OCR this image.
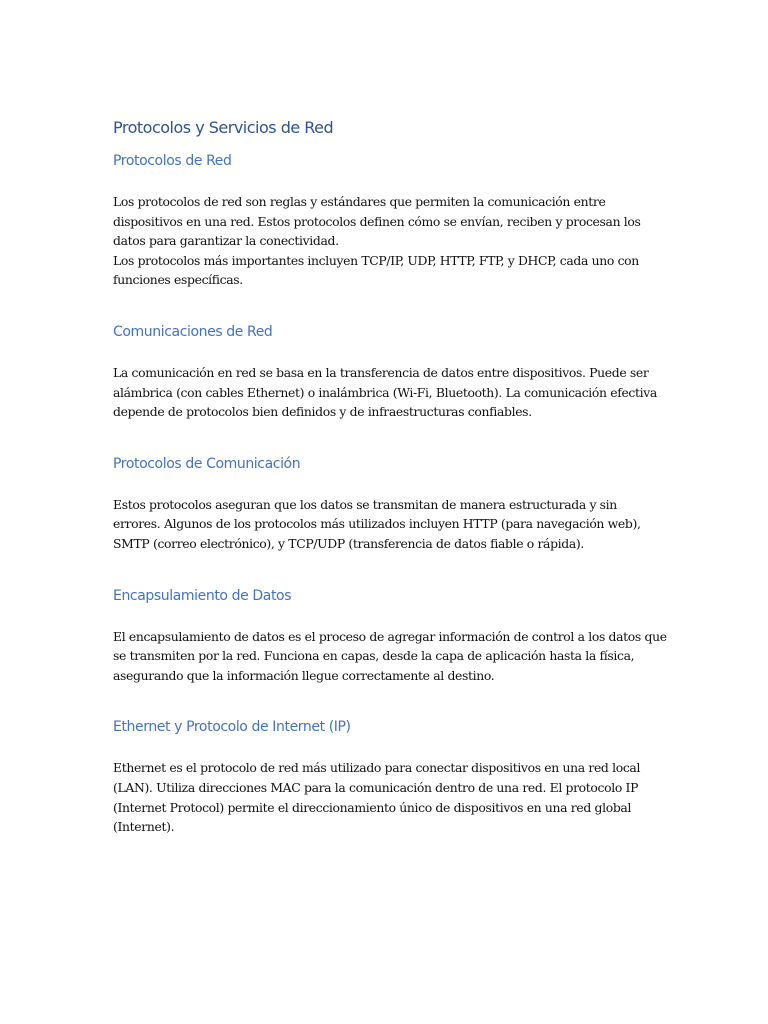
Protocolos y Servicios de Red
Protocolos de Red

Los protocolos de red son reglas y estándares que permiten la comunicación entre
dispositivos en una red. Estos protocolos definen cómo se envían, reciben y procesan los
datos para garantizar la conectividad.
Los protocolos más importantes incluyen TCP/IP, UDP, HTTP, FTP, y DHCP, cada uno con
funciones específicas.

Comunicaciones de Red

La comunicación en red se basa en la transferencia de datos entre dispositivos. Puede ser
alámbrica (con cables Ethernet) o inalámbrica (Wi-Fi, Bluetooth). La comunicación efectiva
depende de protocolos bien definidos y de infraestructuras confiables.

Protocolos de Comunicación

Estos protocolos aseguran que los datos se transmitan de manera estructurada y sin
errores. Algunos de los protocolos más utilizados incluyen HTTP (para navegación web),
SMTP (correo electrónico), y TCP/UDP (transferencia de datos fiable o rápida).

Encapsulamiento de Datos

El encapsulamiento de datos es el proceso de agregar información de control a los datos que
se transmiten por la red. Funciona en capas, desde la capa de aplicación hasta la física,
asegurando que la información llegue correctamente al destino.

Ethernet y Protocolo de Internet (IP)

Ethernet es el protocolo de red más utilizado para conectar dispositivos en una red local
(LAN). Utiliza direcciones MAC para la comunicación dentro de una red. El protocolo IP
(Internet Protocol) permite el direccionamiento único de dispositivos en una red global
(Internet).
